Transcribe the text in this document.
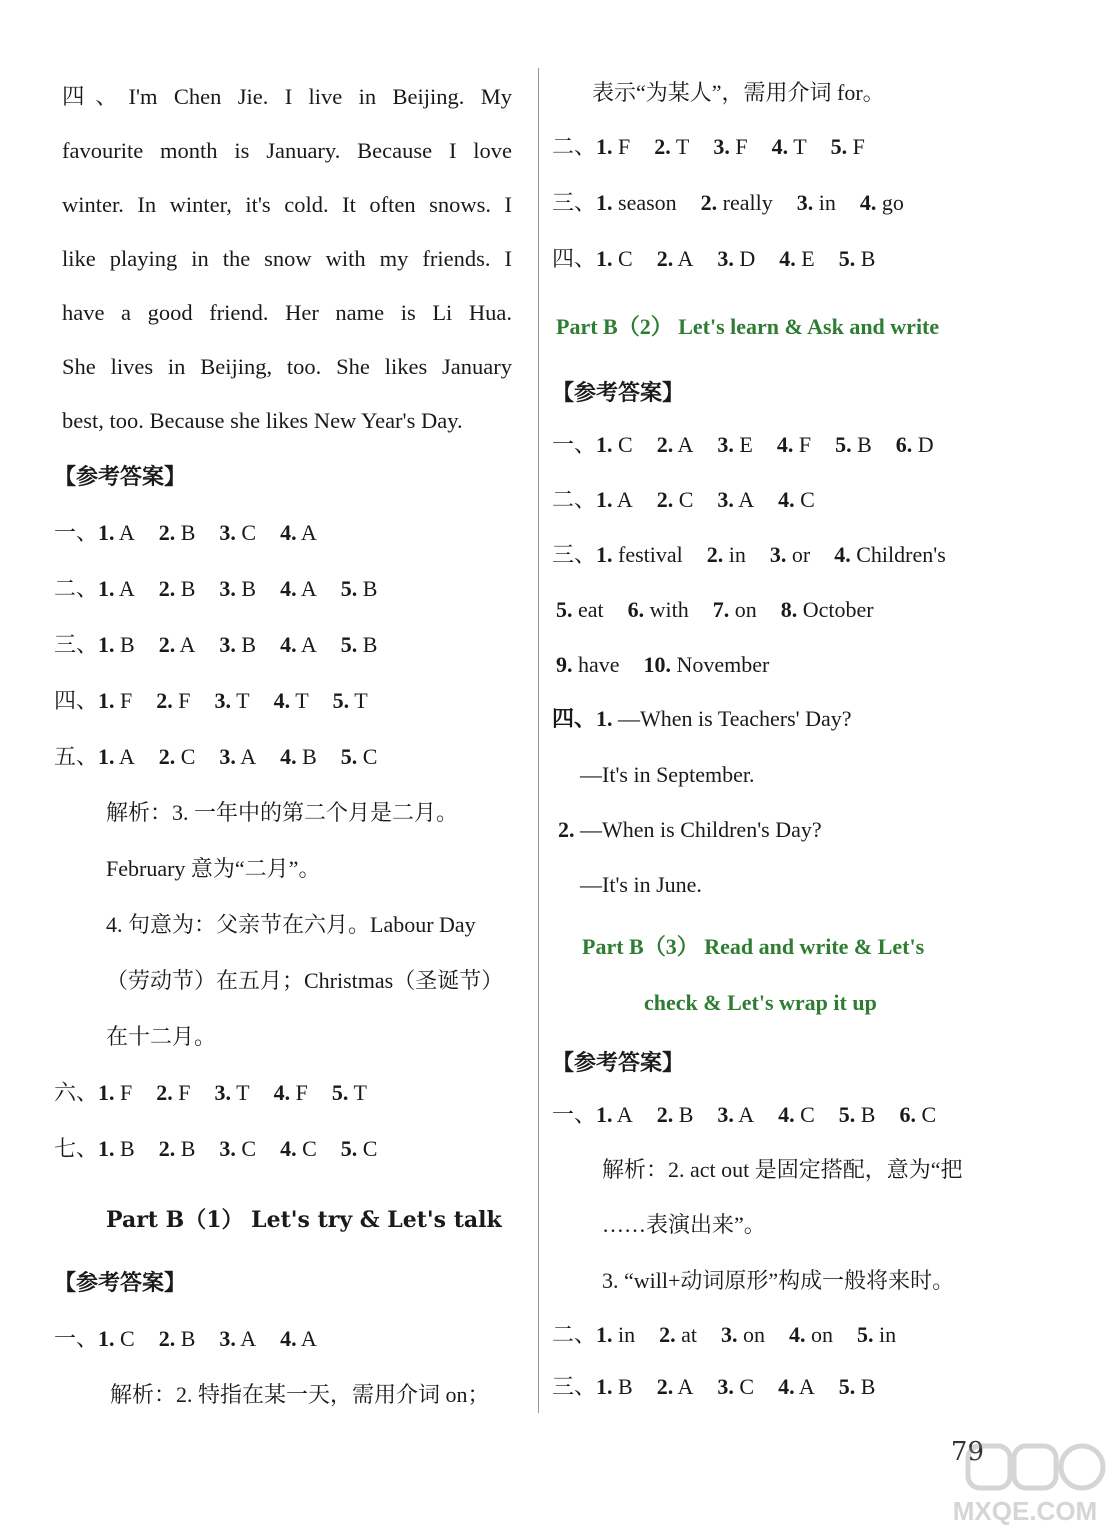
四、I'm Chen Jie. I live in Beijing. My
favourite month is January. Because I love
winter. In winter, it's cold. It often snows. I
like playing in the snow with my friends. I
have a good friend. Her name is Li Hua.
She lives in Beijing, too. She likes January
best, too. Because she likes New Year's Day.
【参考答案】
一、1. A 2. B 3. C 4. A
二、1. A 2. B 3. B 4. A 5. B
三、1. B 2. A 3. B 4. A 5. B
四、1. F 2. F 3. T 4. T 5. T
五、1. A 2. C 3. A 4. B 5. C
解析：3. 一年中的第二个月是二月。
February 意为“二月”。
4. 句意为：父亲节在六月。Labour Day
（劳动节）在五月；Christmas（圣诞节）
在十二月。
六、1. F 2. F 3. T 4. F 5. T
七、1. B 2. B 3. C 4. C 5. C
Part B（1） Let's try & Let's talk
【参考答案】
一、1. C 2. B 3. A 4. A
解析：2. 特指在某一天，需用介词 on；
表示“为某人”，需用介词 for。
二、1. F 2. T 3. F 4. T 5. F
三、1. season 2. really 3. in 4. go
四、1. C 2. A 3. D 4. E 5. B
Part B（2） Let's learn & Ask and write
【参考答案】
一、1. C 2. A 3. E 4. F 5. B 6. D
二、1. A 2. C 3. A 4. C
三、1. festival 2. in 3. or 4. Children's
5. eat 6. with 7. on 8. October
9. have 10. November
四、1. —When is Teachers' Day?
—It's in September.
2. —When is Children's Day?
—It's in June.
Part B（3） Read and write & Let's
check & Let's wrap it up
【参考答案】
一、1. A 2. B 3. A 4. C 5. B 6. C
解析：2. act out 是固定搭配，意为“把
……表演出来”。
3. “will+动词原形”构成一般将来时。
二、1. in 2. at 3. on 4. on 5. in
三、1. B 2. A 3. C 4. A 5. B
79
MXQE.COM
